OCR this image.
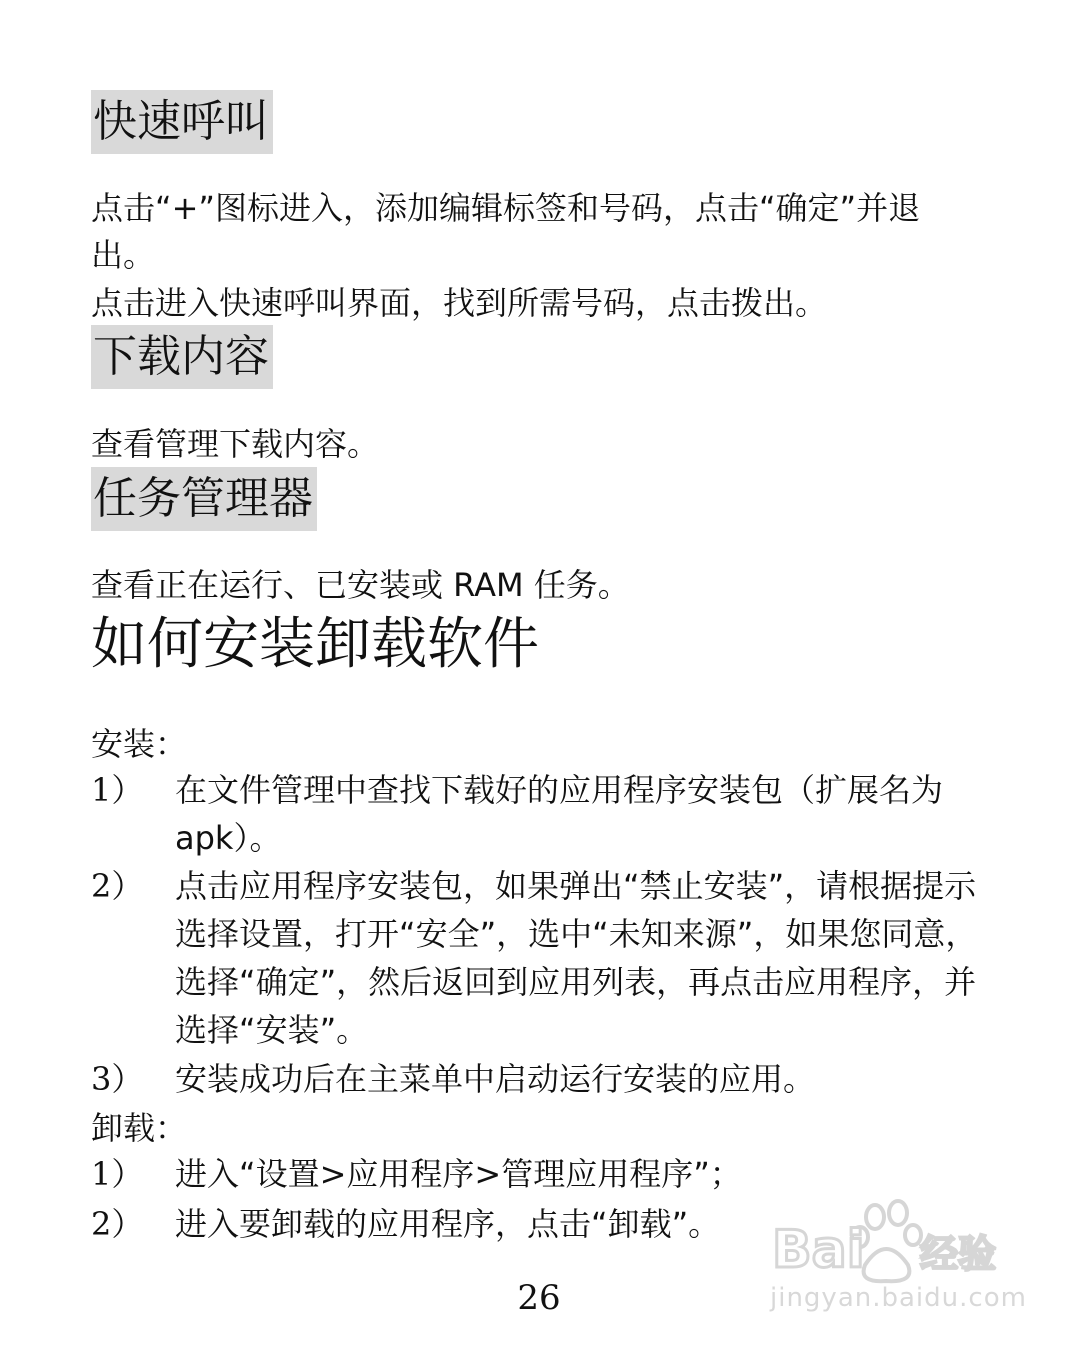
快速呼叫
点击“+”图标进入，添加编辑标签和号码，点击“确定”并退
出。
点击进入快速呼叫界面，找到所需号码，点击拨出。
下载内容
查看管理下载内容。
任务管理器
查看正在运行、已安装或 RAM 任务。
如何安装卸载软件
安装：
1） 在文件管理中查找下载好的应用程序安装包（扩展名为apk）。
2） 点击应用程序安装包，如果弹出“禁止安装”，请根据提示选择设置，打开“安全”，选中“未知来源”，如果您同意，选择“确定”，然后返回到应用列表，再点击应用程序，并选择“安装”。
3） 安装成功后在主菜单中启动运行安装的应用。
卸载：
1） 进入“设置>应用程序>管理应用程序”；
2） 进入要卸载的应用程序，点击“卸载”。
26
Bai 经验
jingyan.baidu.com
